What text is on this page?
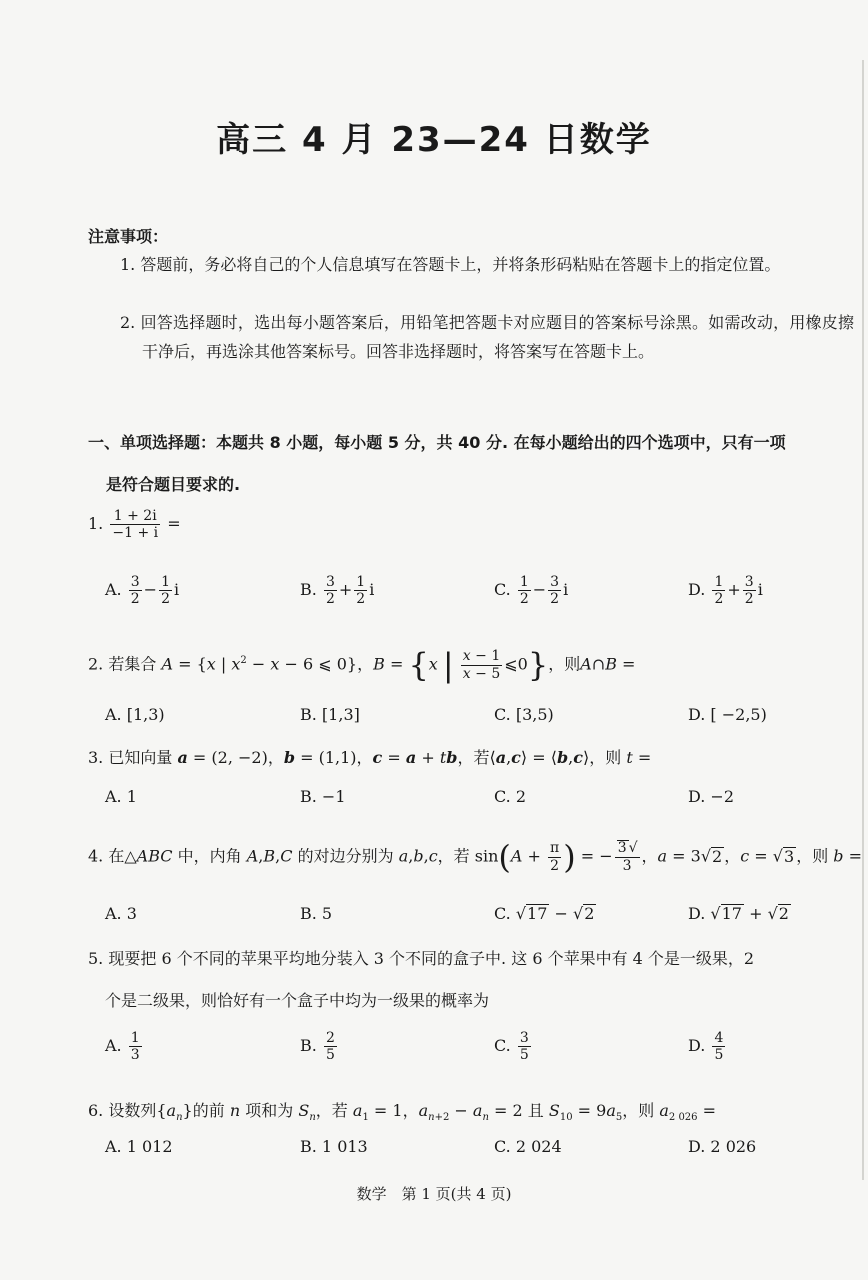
高三 4 月 23—24 日数学
注意事项：
1. 答题前，务必将自己的个人信息填写在答题卡上，并将条形码粘贴在答题卡上的指定位置。
2. 回答选择题时，选出每小题答案后，用铅笔把答题卡对应题目的答案标号涂黑。如需改动，用橡皮擦干净后，再选涂其他答案标号。回答非选择题时，将答案写在答题卡上。
一、单项选择题：本题共 8 小题，每小题 5 分，共 40 分. 在每小题给出的四个选项中，只有一项
是符合题目要求的.
1. $\frac{1 + 2i}{-1 + i}$ =
A. $\frac{3}{2} - \frac{1}{2}$ i	B. $\frac{3}{2} + \frac{1}{2}$ i	C. $\frac{1}{2} - \frac{3}{2}$ i	D. $\frac{1}{2} + \frac{3}{2}$ i
2. 若集合 A = {x | $x^2 - x - 6$ ⩽ 0}，B = {x | $\frac{x - 1}{x - 5}$ ⩽0}，则A∩B =
A. [1,3)	B. [1,3]	C. [3,5)	D. [ −2,5)
3. 已知向量 a = (2, −2)，b = (1,1)，c = a + tb，若⟨a,c⟩ = ⟨b,c⟩，则 t =
A. 1	B. −1	C. 2	D. −2
4. 在△ABC 中，内角 A,B,C 的对边分别为 a,b,c，若 $\sin(A + \frac{\pi}{2}$ ) = − $\frac{3 √}{3}$ ，a = 3√2 ，c = √3 ，则 b =
A. 3	B. 5	C. √17 − √2	D. √17 + √2
5. 现要把 6 个不同的苹果平均地分装入 3 个不同的盒子中. 这 6 个苹果中有 4 个是一级果，2
个是二级果，则恰好有一个盒子中均为一级果的概率为
A. $\frac{1}{3}$	B. $\frac{2}{5}$	C. $\frac{3}{5}$	D. $\frac{4}{5}$
6. 设数列$\{a_n\}$的前 n 项和为 $S_n$，若 $a_1 = 1$，$a_{n+2} - a_n = 2$ 且 $S_{10} = 9a_5$，则 $a_{2 026}$ =
A. 1 012	B. 1 013	C. 2 024	D. 2 026
数学　第 1 页(共 4 页)
